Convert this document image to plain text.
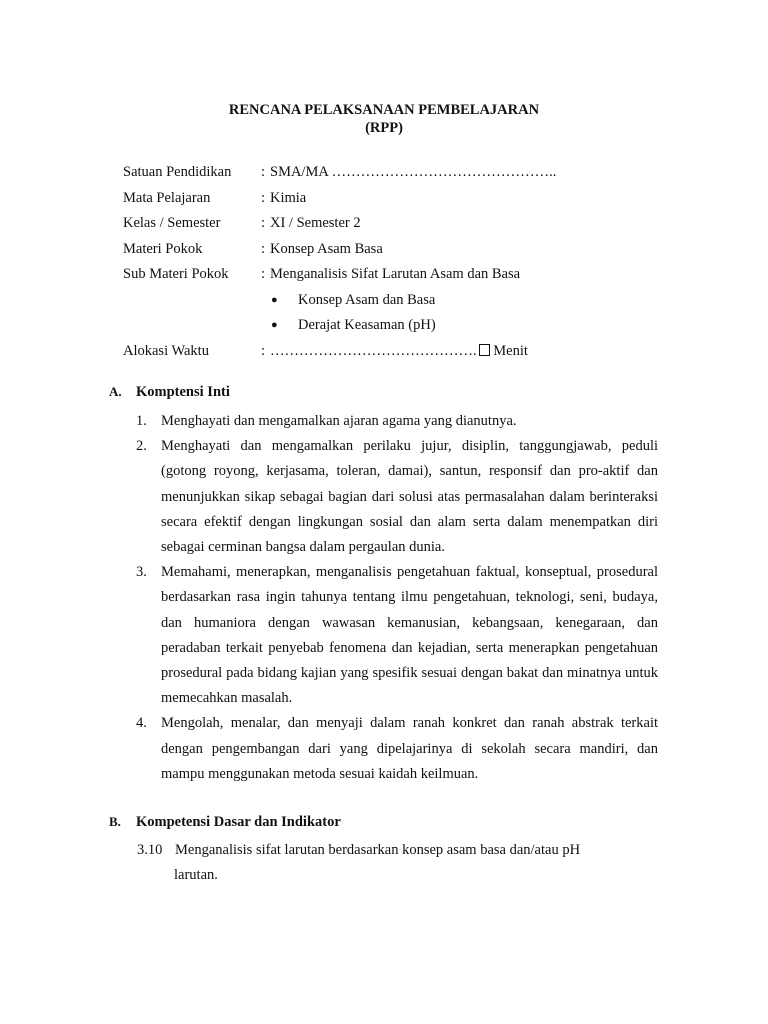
RENCANA PELAKSANAAN PEMBELAJARAN
(RPP)
Satuan Pendidikan : SMA/MA ………………………………………..
Mata Pelajaran	: Kimia
Kelas / Semester	: XI / Semester 2
Materi Pokok	: Konsep Asam Basa
Sub Materi Pokok : Menganalisis Sifat Larutan Asam dan Basa
● Konsep Asam dan Basa
● Derajat Keasaman (pH)
Alokasi Waktu	: ……………………………………. Menit
A. Komptensi Inti
1. Menghayati dan mengamalkan ajaran agama yang dianutnya.
2. Menghayati dan mengamalkan perilaku jujur, disiplin, tanggungjawab, peduli (gotong royong, kerjasama, toleran, damai), santun, responsif dan pro-aktif dan menunjukkan sikap sebagai bagian dari solusi atas permasalahan dalam berinteraksi secara efektif dengan lingkungan sosial dan alam serta dalam menempatkan diri sebagai cerminan bangsa dalam pergaulan dunia.
3. Memahami, menerapkan, menganalisis pengetahuan faktual, konseptual, prosedural berdasarkan rasa ingin tahunya tentang ilmu pengetahuan, teknologi, seni, budaya, dan humaniora dengan wawasan kemanusian, kebangsaan, kenegaraan, dan peradaban terkait penyebab fenomena dan kejadian, serta menerapkan pengetahuan prosedural pada bidang kajian yang spesifik sesuai dengan bakat dan minatnya untuk memecahkan masalah.
4. Mengolah, menalar, dan menyaji dalam ranah konkret dan ranah abstrak terkait dengan pengembangan dari yang dipelajarinya di sekolah secara mandiri, dan mampu menggunakan metoda sesuai kaidah keilmuan.
B. Kompetensi Dasar dan Indikator
3.10 Menganalisis sifat larutan berdasarkan konsep asam basa dan/atau pH
larutan.
